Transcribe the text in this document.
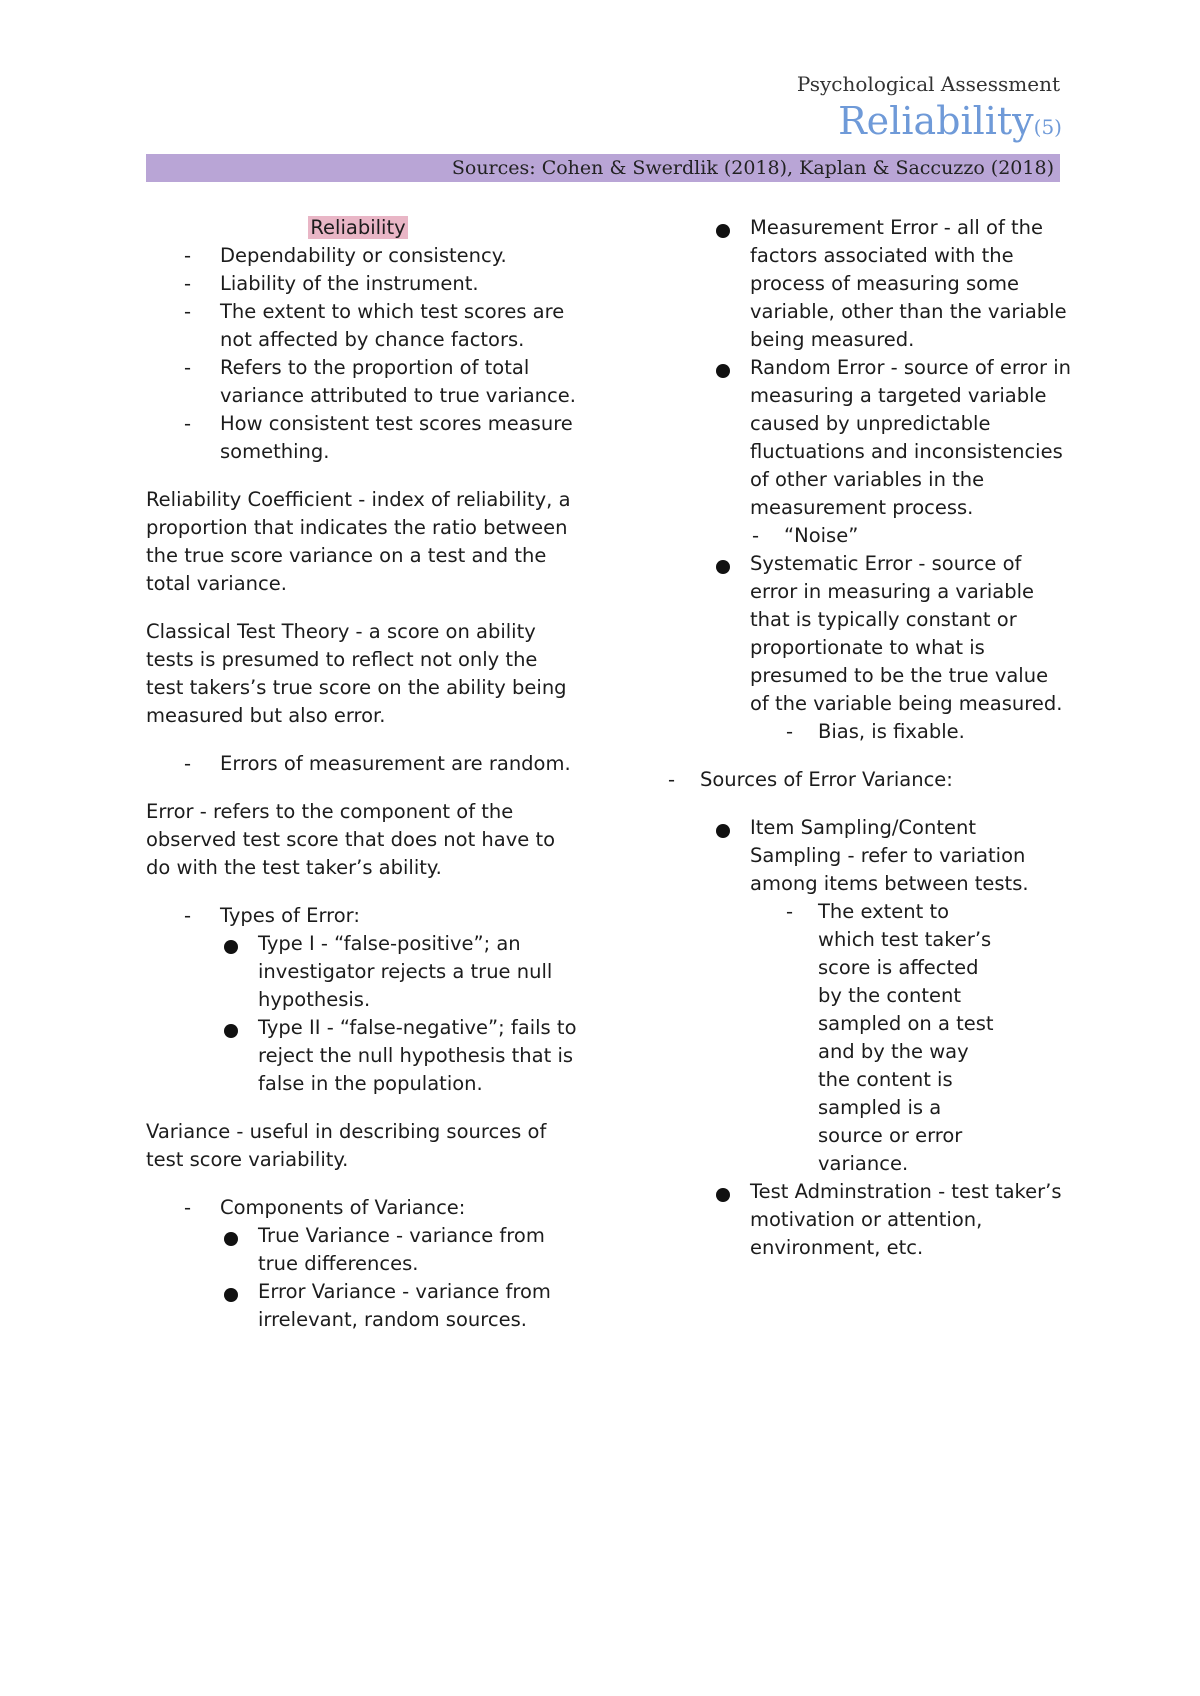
Psychological Assessment
Reliability(5)
Sources: Cohen & Swerdlik (2018), Kaplan & Saccuzzo (2018)

Reliability

- Dependability or consistency.
- Liability of the instrument.
- The extent to which test scores are not affected by chance factors.
- Refers to the proportion of total variance attributed to true variance.
- How consistent test scores measure something.

Reliability Coefficient - index of reliability, a proportion that indicates the ratio between the true score variance on a test and the total variance.

Classical Test Theory - a score on ability tests is presumed to reflect not only the test takers’s true score on the ability being measured but also error.

- Errors of measurement are random.

Error - refers to the component of the observed test score that does not have to do with the test taker’s ability.

- Types of Error:
Type I - “false-positive”; an investigator rejects a true null hypothesis.
Type II - “false-negative”; fails to reject the null hypothesis that is false in the population.

Variance - useful in describing sources of test score variability.

- Components of Variance:
True Variance - variance from true differences.
Error Variance - variance from irrelevant, random sources.
Measurement Error - all of the factors associated with the process of measuring some variable, other than the variable being measured.
Random Error - source of error in measuring a targeted variable caused by unpredictable fluctuations and inconsistencies of other variables in the measurement process.
- “Noise”
Systematic Error - source of error in measuring a variable that is typically constant or proportionate to what is presumed to be the true value of the variable being measured.
- Bias, is fixable.
- Sources of Error Variance:
Item Sampling/Content Sampling - refer to variation among items between tests.
- The extent to which test taker’s score is affected by the content sampled on a test and by the way the content is sampled is a source or error variance.
Test Adminstration - test taker’s motivation or attention, environment, etc.
